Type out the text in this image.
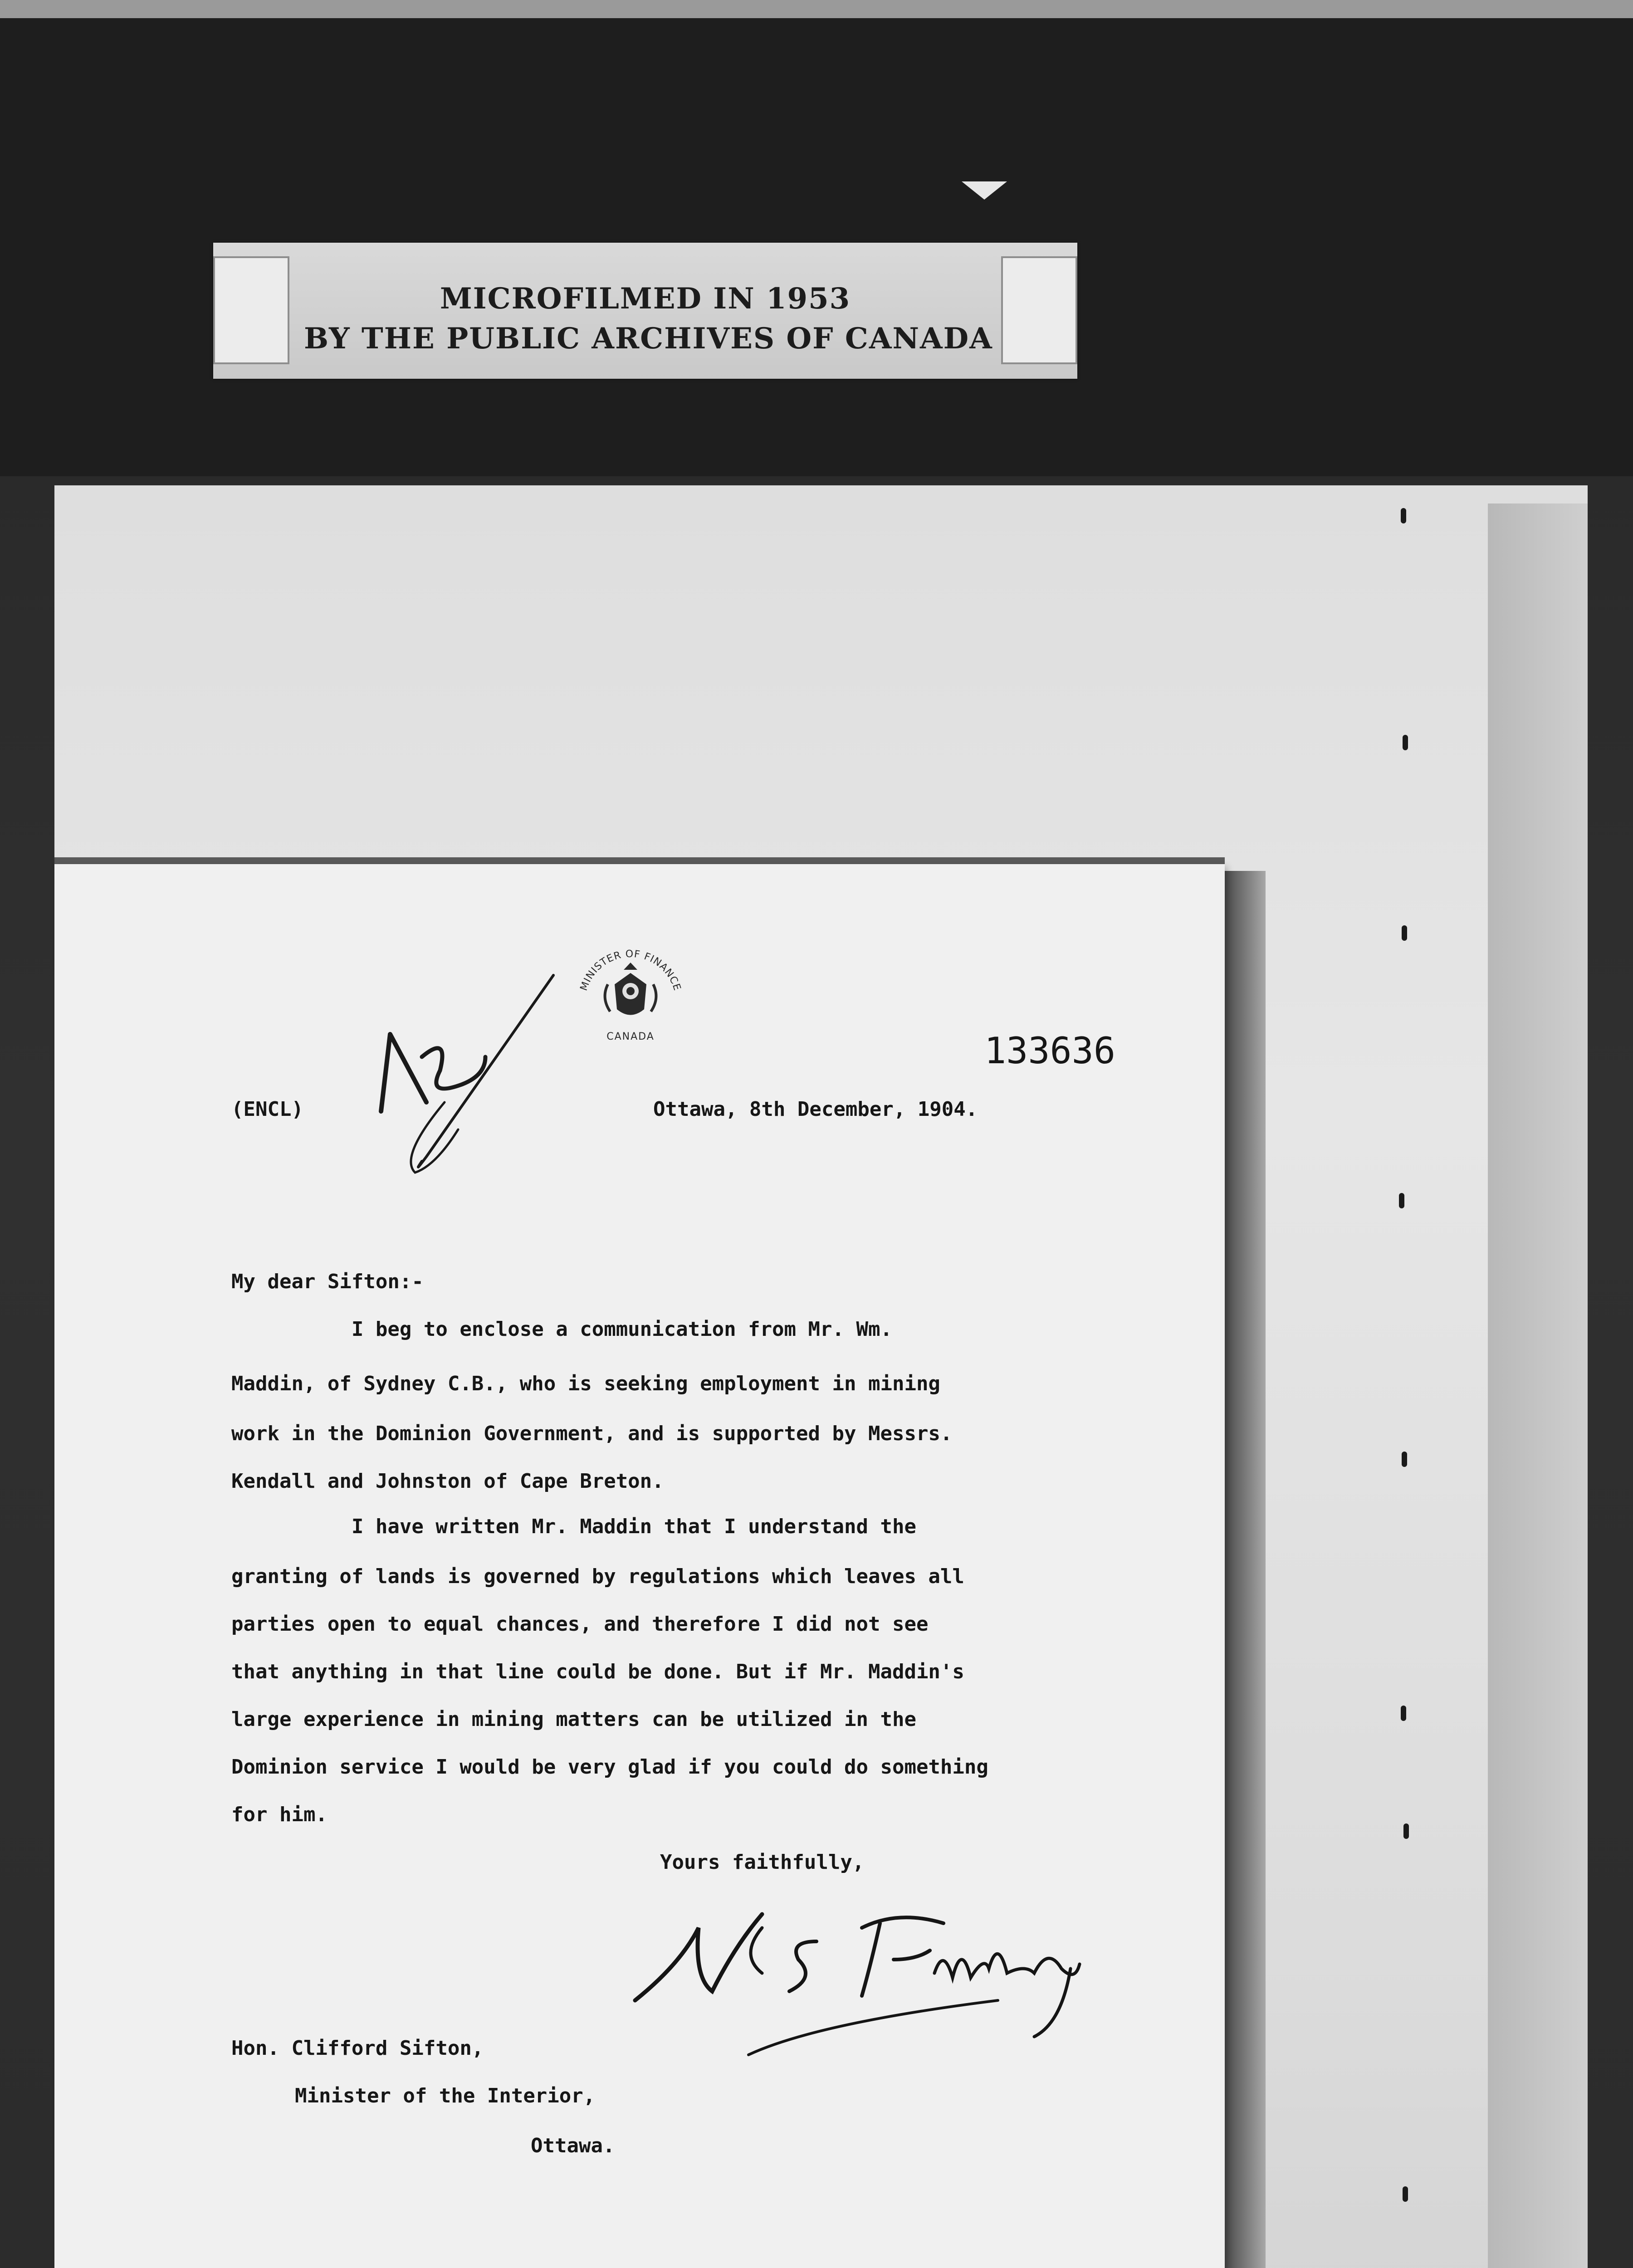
MICROFILMED IN 1953
BY THE PUBLIC ARCHIVES OF CANADA
MINISTER OF FINANCE
CANADA	133636
(ENCL)	Ottawa, 8th December, 1904.
My dear Sifton:-
I beg to enclose a communication from Mr. Wm.
Maddin, of Sydney C.B., who is seeking employment in mining
work in the Dominion Government, and is supported by Messrs.
Kendall and Johnston of Cape Breton.
I have written Mr. Maddin that I understand the
granting of lands is governed by regulations which leaves all
parties open to equal chances, and therefore I did not see
that anything in that line could be done. But if Mr. Maddin's
large experience in mining matters can be utilized in the
Dominion service I would be very glad if you could do something
for him.
Yours faithfully,
Hon. Clifford Sifton,
Minister of the Interior,
Ottawa.
